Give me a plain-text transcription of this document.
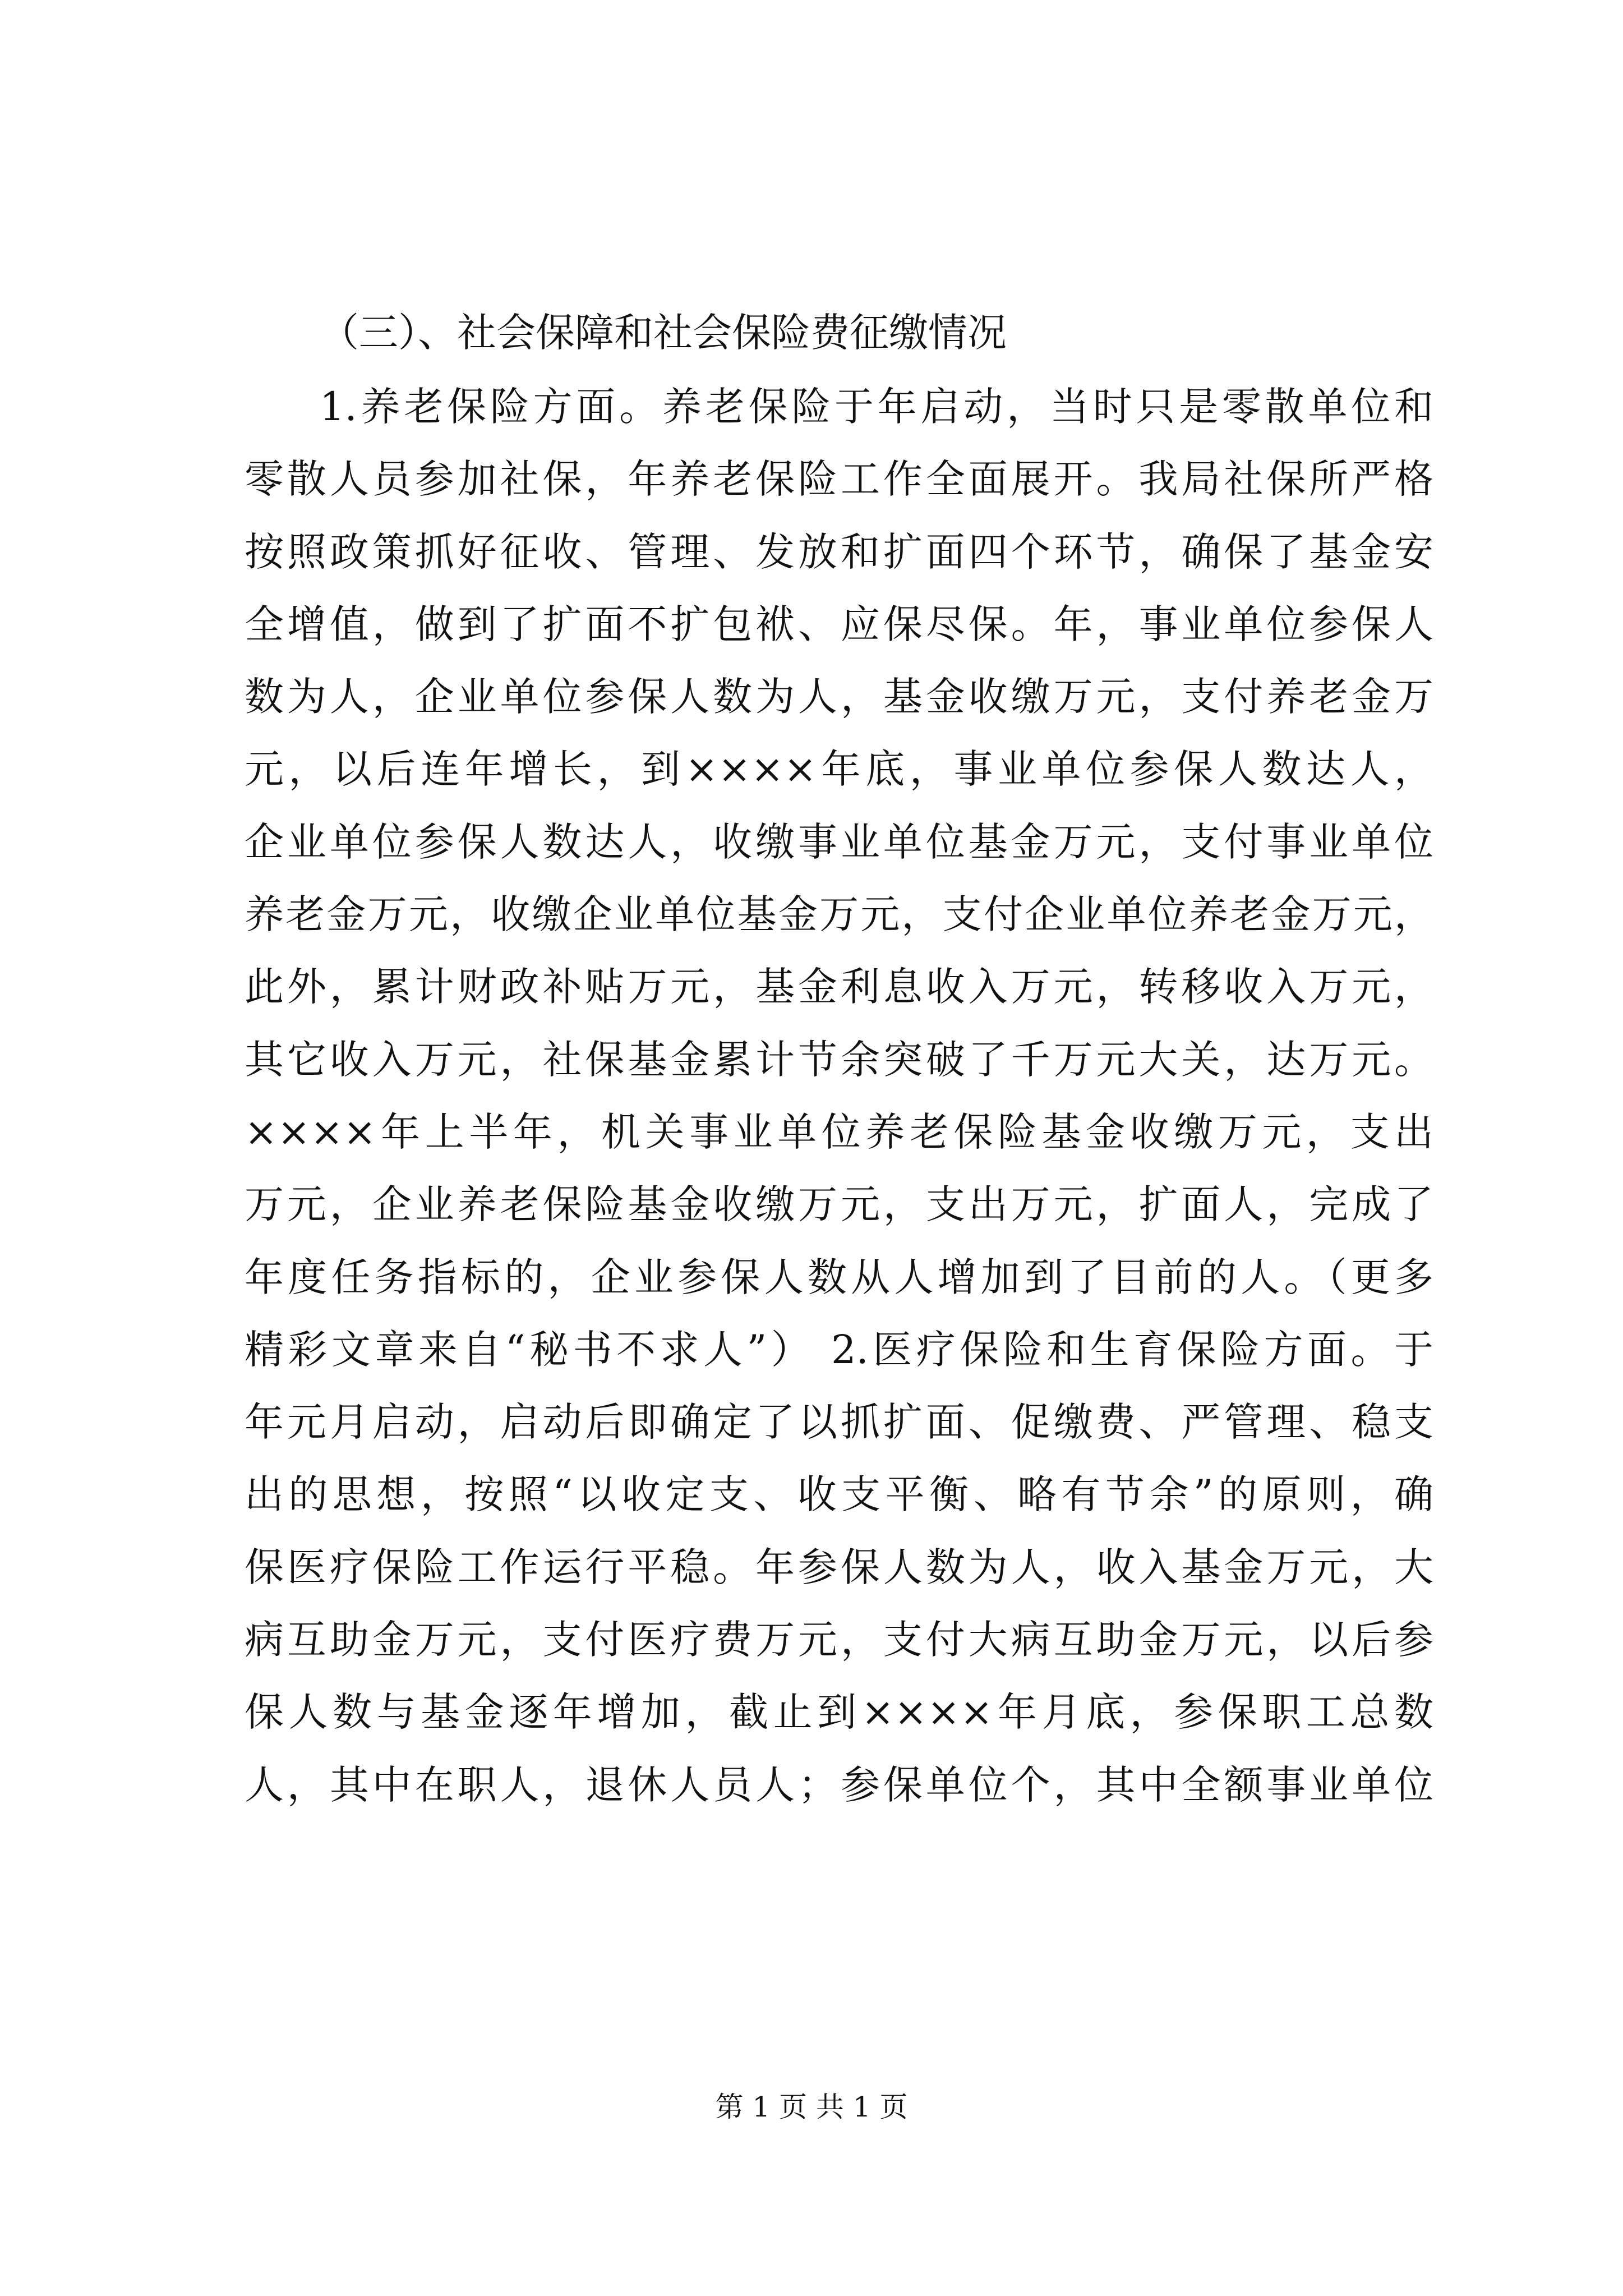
（三）、社会保障和社会保险费征缴情况
1.养老保险方面。养老保险于年启动，当时只是零散单位和
零散人员参加社保，年养老保险工作全面展开。我局社保所严格
按照政策抓好征收、管理、发放和扩面四个环节，确保了基金安
全增值，做到了扩面不扩包袱、应保尽保。年，事业单位参保人
数为人，企业单位参保人数为人，基金收缴万元，支付养老金万
元，以后连年增长，到××××年底，事业单位参保人数达人，
企业单位参保人数达人，收缴事业单位基金万元，支付事业单位
养老金万元，收缴企业单位基金万元，支付企业单位养老金万元，
此外，累计财政补贴万元，基金利息收入万元，转移收入万元，
其它收入万元，社保基金累计节余突破了千万元大关，达万元。
××××年上半年，机关事业单位养老保险基金收缴万元，支出
万元，企业养老保险基金收缴万元，支出万元，扩面人，完成了
年度任务指标的，企业参保人数从人增加到了目前的人。（更多
精彩文章来自“秘书不求人”） 2.医疗保险和生育保险方面。于
年元月启动，启动后即确定了以抓扩面、促缴费、严管理、稳支
出的思想，按照“以收定支、收支平衡、略有节余”的原则，确
保医疗保险工作运行平稳。年参保人数为人，收入基金万元，大
病互助金万元，支付医疗费万元，支付大病互助金万元，以后参
保人数与基金逐年增加，截止到××××年月底，参保职工总数
人，其中在职人，退休人员人；参保单位个，其中全额事业单位
第 1 页 共 1 页
